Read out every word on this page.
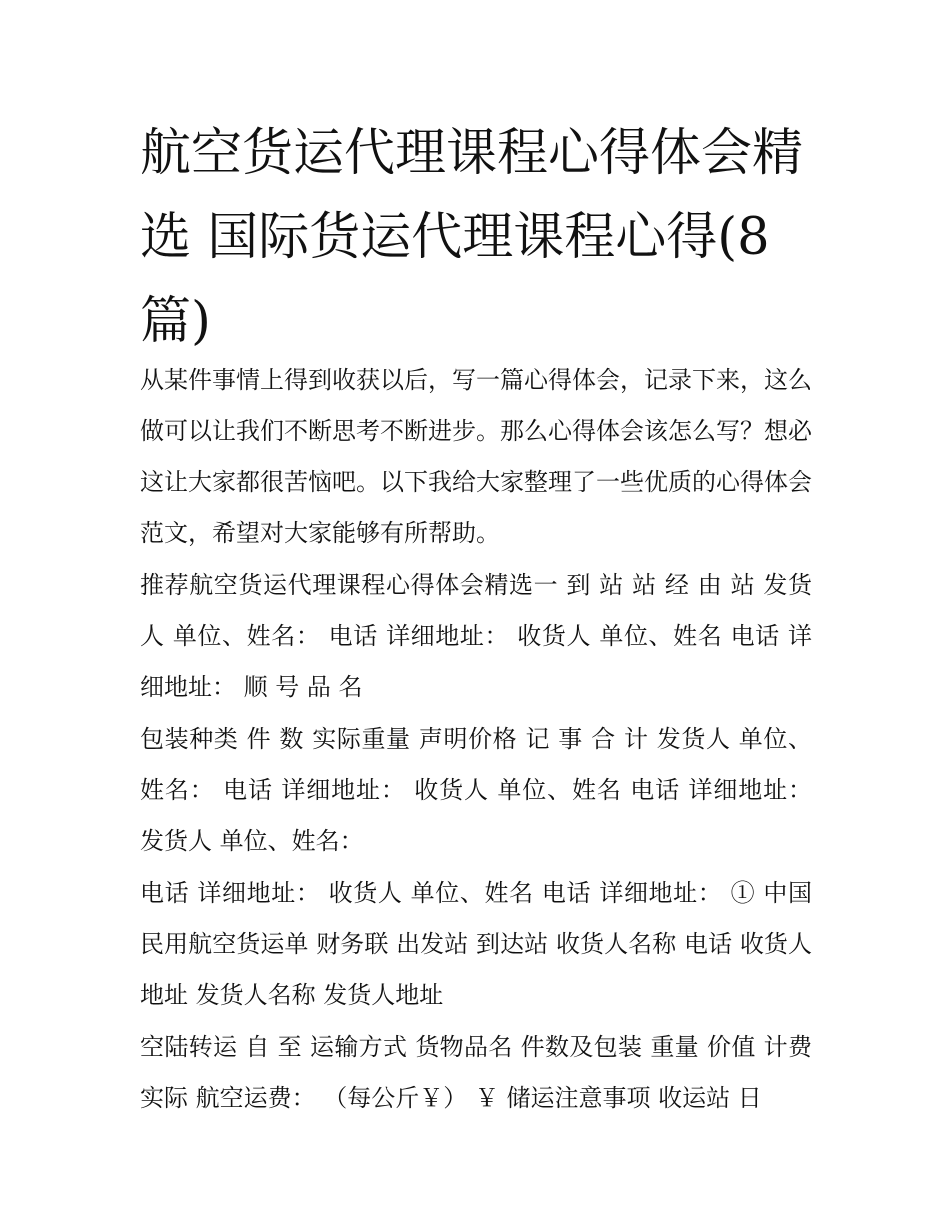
航空货运代理课程心得体会精选 国际货运代理课程心得(8篇)

从某件事情上得到收获以后，写一篇心得体会，记录下来，这么做可以让我们不断思考不断进步。那么心得体会该怎么写？想必这让大家都很苦恼吧。以下我给大家整理了一些优质的心得体会范文，希望对大家能够有所帮助。

推荐航空货运代理课程心得体会精选一 到 站 站 经 由 站 发货人 单位、姓名： 电话 详细地址： 收货人 单位、姓名 电话 详细地址： 顺 号 品 名

包装种类 件 数 实际重量 声明价格 记 事 合 计 发货人 单位、姓名： 电话 详细地址： 收货人 单位、姓名 电话 详细地址： 发货人 单位、姓名：

电话 详细地址： 收货人 单位、姓名 电话 详细地址： ① 中国民用航空货运单 财务联 出发站 到达站 收货人名称 电话 收货人地址 发货人名称 发货人地址

空陆转运 自 至 运输方式 货物品名 件数及包装 重量 价值 计费 实际 航空运费： （每公斤￥） ￥ 储运注意事项 收运站 日
